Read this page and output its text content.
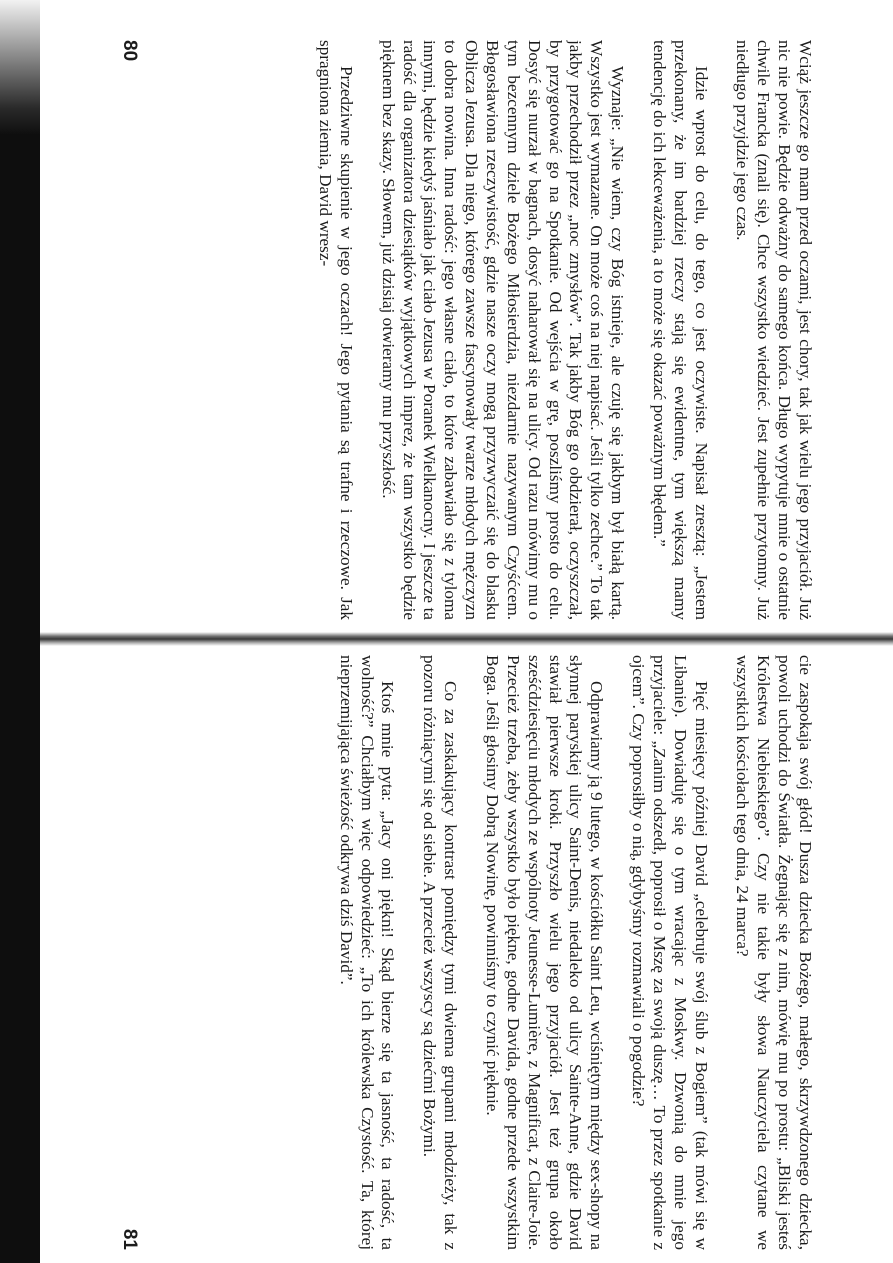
Wciąż jeszcze go mam przed oczami, jest chory, tak jak wielu jego przyjaciół. Już nic nie powie. Będzie odważny do samego końca. Długo wypytuje mnie o ostatnie chwile Francka (znali się). Chce wszystko wiedzieć. Jest zupełnie przytomny. Już niedługo przyjdzie jego czas.

Idzie wprost do celu, do tego, co jest oczywiste. Napisał zresztą: „Jestem przekonany, że im bardziej rzeczy stają się ewidentne, tym większą mamy tendencję do ich lekceważenia, a to może się okazać poważnym błędem.”

Wyznaje: „Nie wiem, czy Bóg istnieje, ale czuję się jakbym był białą kartą. Wszystko jest wymazane. On może coś na niej napisać. Jeśli tylko zechce.” To tak jakby przechodził przez „noc zmysłów”. Tak jakby Bóg go obdzierał, oczyszczał, by przygotować go na Spotkanie. Od wejścia w grę, poszliśmy prosto do celu. Dosyć się nurzał w bagnach, dosyć naharował się na ulicy. Od razu mówimy mu o tym bezcennym dziele Bożego Miłosierdzia, niezdarnie nazywanym Czyśćcem. Błogosławiona rzeczywistość, gdzie nasze oczy mogą przyzwyczaić się do blasku Oblicza Jezusa. Dla niego, którego zawsze fascynowały twarze młodych mężczyzn to dobra nowina. Inna radość: jego własne ciało, to które zabawiało się z tyloma innymi, będzie kiedyś jaśniało jak ciało Jezusa w Poranek Wielkanocny. I jeszcze ta radość dla organizatora dziesiątków wyjątkowych imprez, że tam wszystko będzie pięknem bez skazy. Słowem, już dzisiaj otwieramy mu przyszłość.

Przedziwne skupienie w jego oczach! Jego pytania są trafne i rzeczowe. Jak spragniona ziemia, David wresz-

80

cie zaspokaja swój głód! Dusza dziecka Bożego, małego, skrzywdzonego dziecka, powoli uchodzi do Światła. Żegnając się z nim, mówię mu po prostu: „Bliski jesteś Królestwa Niebieskiego”. Czy nie takie były słowa Nauczyciela czytane we wszystkich kościołach tego dnia, 24 marca?

Pięć miesięcy później David „celebruje swój ślub z Bogiem” (tak mówi się w Libanie). Dowiaduję się o tym wracając z Moskwy. Dzwonią do mnie jego przyjaciele: „Zanim odszedł, poprosił o Mszę za swoją duszę… To przez spotkanie z ojcem”. Czy poprosiłby o nią, gdybyśmy rozmawiali o pogodzie?

Odprawiamy ją 9 lutego, w kościółku Saint Leu, wciśniętym między sex-shopy na słynnej paryskiej ulicy Saint-Denis, niedaleko od ulicy Sainte-Anne, gdzie David stawiał pierwsze kroki. Przyszło wielu jego przyjaciół. Jest też grupa około sześćdziesięciu młodych ze wspólnoty Jeunesse-Lumière, z Magnificat, z Claire-Joie. Przecież trzeba, żeby wszystko było piękne, godne Davida, godne przede wszystkim Boga. Jeśli głosimy Dobrą Nowinę, powinniśmy to czynić pięknie.

Co za zaskakujący kontrast pomiędzy tymi dwiema grupami młodzieży, tak z pozoru różniącymi się od siebie. A przecież wszyscy są dziećmi Bożymi.

Ktoś mnie pyta: „Jacy oni piękni! Skąd bierze się ta jasność, ta radość, ta wolność?” Chciałbym więc odpowiedzieć: „To ich królewska Czystość. Ta, której nieprzemijająca świeżość odkrywa dziś David”.

81
